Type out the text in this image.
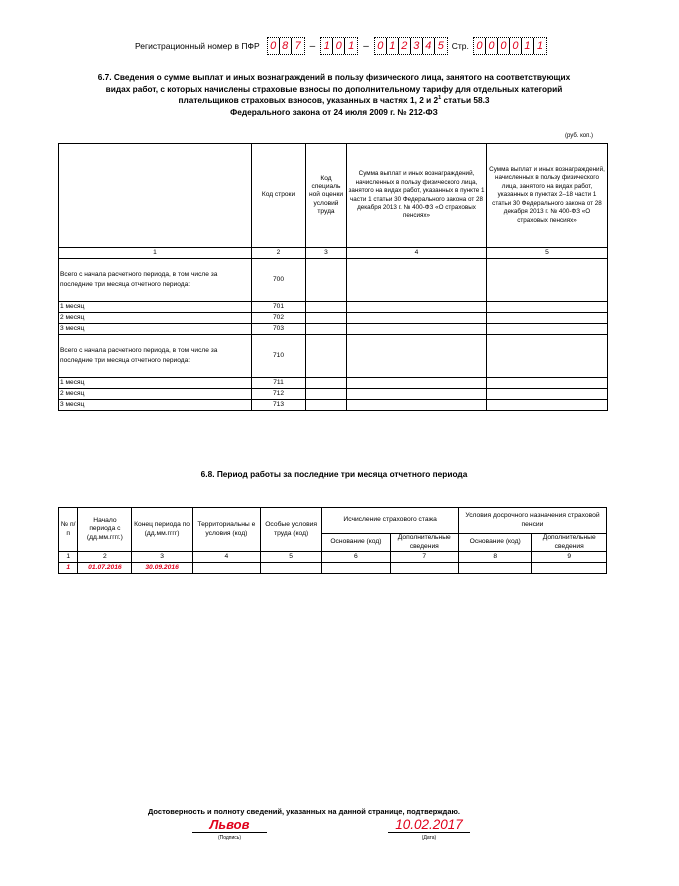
Регистрационный номер в ПФР 0 8 7 – 1 0 1 – 0 1 2 3 4 5 Стр. 0 0 0 0 1 1
6.7. Сведения о сумме выплат и иных вознаграждений в пользу физического лица, занятого на соответствующих
видах работ, с которых начислены страховые взносы по дополнительному тарифу для отдельных категорий
плательщиков страховых взносов, указанных в частях 1, 2 и $2^1$ статьи 58.3
Федерального закона от 24 июля 2009 г. № 212-ФЗ
(руб. коп.)
	Код строки	Код специаль ной оценки условий труда	Сумма выплат и иных вознаграждений, начисленных в пользу физического лица, занятого на видах работ, указанных в пункте 1 части 1 статьи 30 Федерального закона от 28 декабря 2013 г. № 400-ФЗ «О страховых пенсиях»	Сумма выплат и иных вознаграждений, начисленных в пользу физического лица, занятого на видах работ, указанных в пунктах 2–18 части 1 статьи 30 Федерального закона от 28 декабря 2013 г. № 400-ФЗ «О страховых пенсиях»
1	2	3	4	5
Всего с начала расчетного периода, в том числе за последние три месяца отчетного периода:	700			
1 месяц	701			
2 месяц	702			
3 месяц	703			
Всего с начала расчетного периода, в том числе за последние три месяца отчетного периода:	710			
1 месяц	711			
2 месяц	712			
3 месяц	713			
6.8. Период работы за последние три месяца отчетного периода
№ п/п	Начало периода с (дд.мм.гггг.)	Конец периода по (дд.мм.гггг)	Территориальны е условия (код)	Особые условия труда (код)	Исчисление страхового стажа		Условия досрочного назначения страховой пенсии	
					Основание (код)	Дополнительные сведения	Основание (код)	Дополнительные сведения
1	2	3	4	5	6	7	8	9
1	01.07.2016	30.09.2016						
Достоверность и полноту сведений, указанных на данной странице, подтверждаю.
Львов
(Подпись)
10.02.2017
(Дата)
